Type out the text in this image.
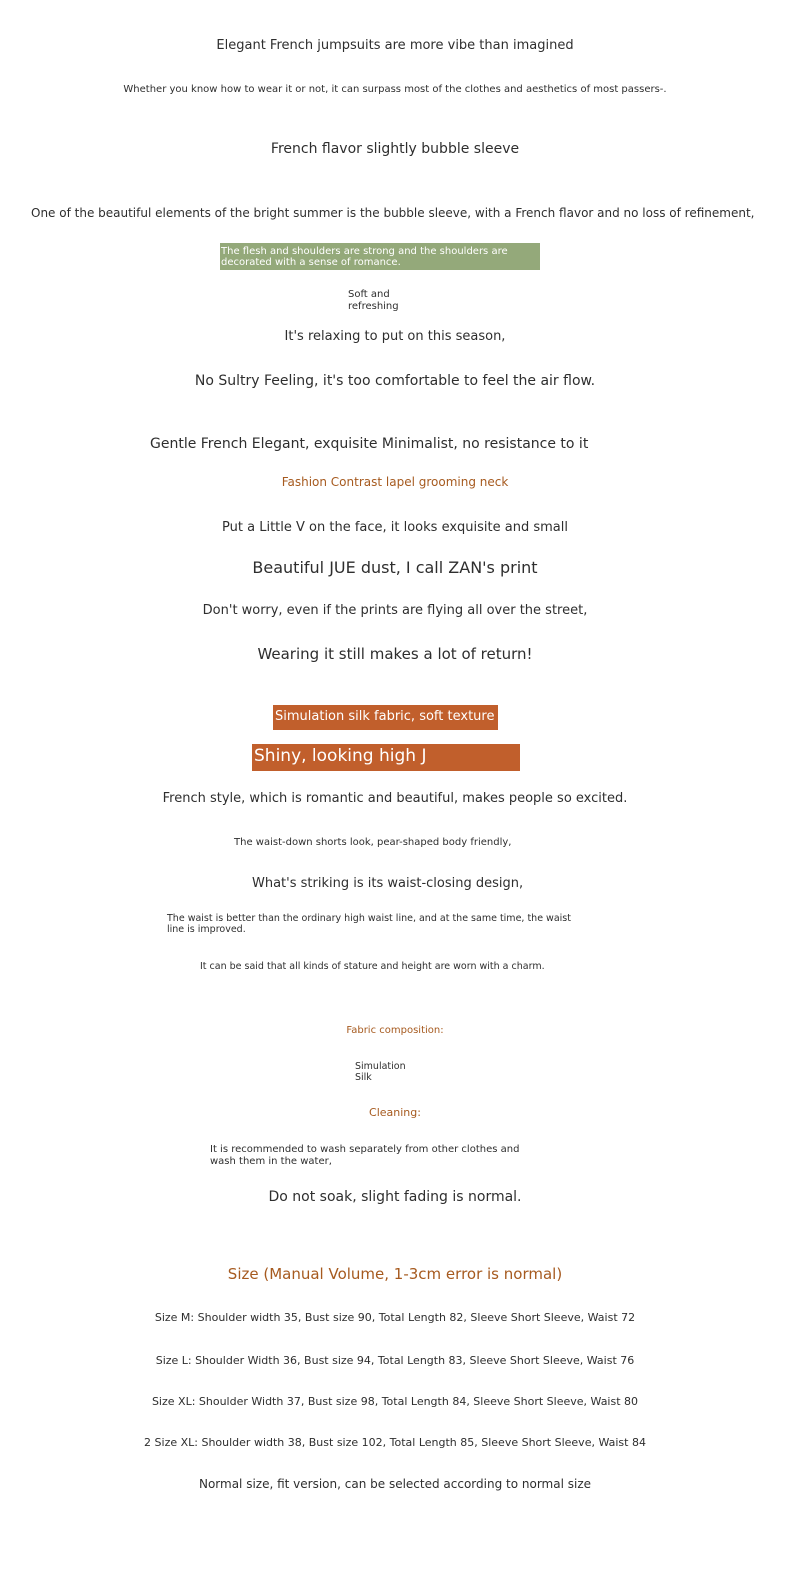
Elegant French jumpsuits are more vibe than imagined
Whether you know how to wear it or not, it can surpass most of the clothes and aesthetics of most passers-.
French flavor slightly bubble sleeve
One of the beautiful elements of the bright summer is the bubble sleeve, with a French flavor and no loss of refinement,
The flesh and shoulders are strong and the shoulders are decorated with a sense of romance.
Soft and refreshing
It's relaxing to put on this season,
No Sultry Feeling, it's too comfortable to feel the air flow.
Gentle French Elegant, exquisite Minimalist, no resistance to it
Fashion Contrast lapel grooming neck
Put a Little V on the face, it looks exquisite and small
Beautiful JUE dust, I call ZAN's print
Don't worry, even if the prints are flying all over the street,
Wearing it still makes a lot of return!
Simulation silk fabric, soft texture
Shiny, looking high J
French style, which is romantic and beautiful, makes people so excited.
The waist-down shorts look, pear-shaped body friendly,
What's striking is its waist-closing design,
The waist is better than the ordinary high waist line, and at the same time, the waist line is improved.
It can be said that all kinds of stature and height are worn with a charm.
Fabric composition:
Simulation Silk
Cleaning:
It is recommended to wash separately from other clothes and wash them in the water,
Do not soak, slight fading is normal.
Size (Manual Volume, 1-3cm error is normal)
Size M: Shoulder width 35, Bust size 90, Total Length 82, Sleeve Short Sleeve, Waist 72
Size L: Shoulder Width 36, Bust size 94, Total Length 83, Sleeve Short Sleeve, Waist 76
Size XL: Shoulder Width 37, Bust size 98, Total Length 84, Sleeve Short Sleeve, Waist 80
2 Size XL: Shoulder width 38, Bust size 102, Total Length 85, Sleeve Short Sleeve, Waist 84
Normal size, fit version, can be selected according to normal size
